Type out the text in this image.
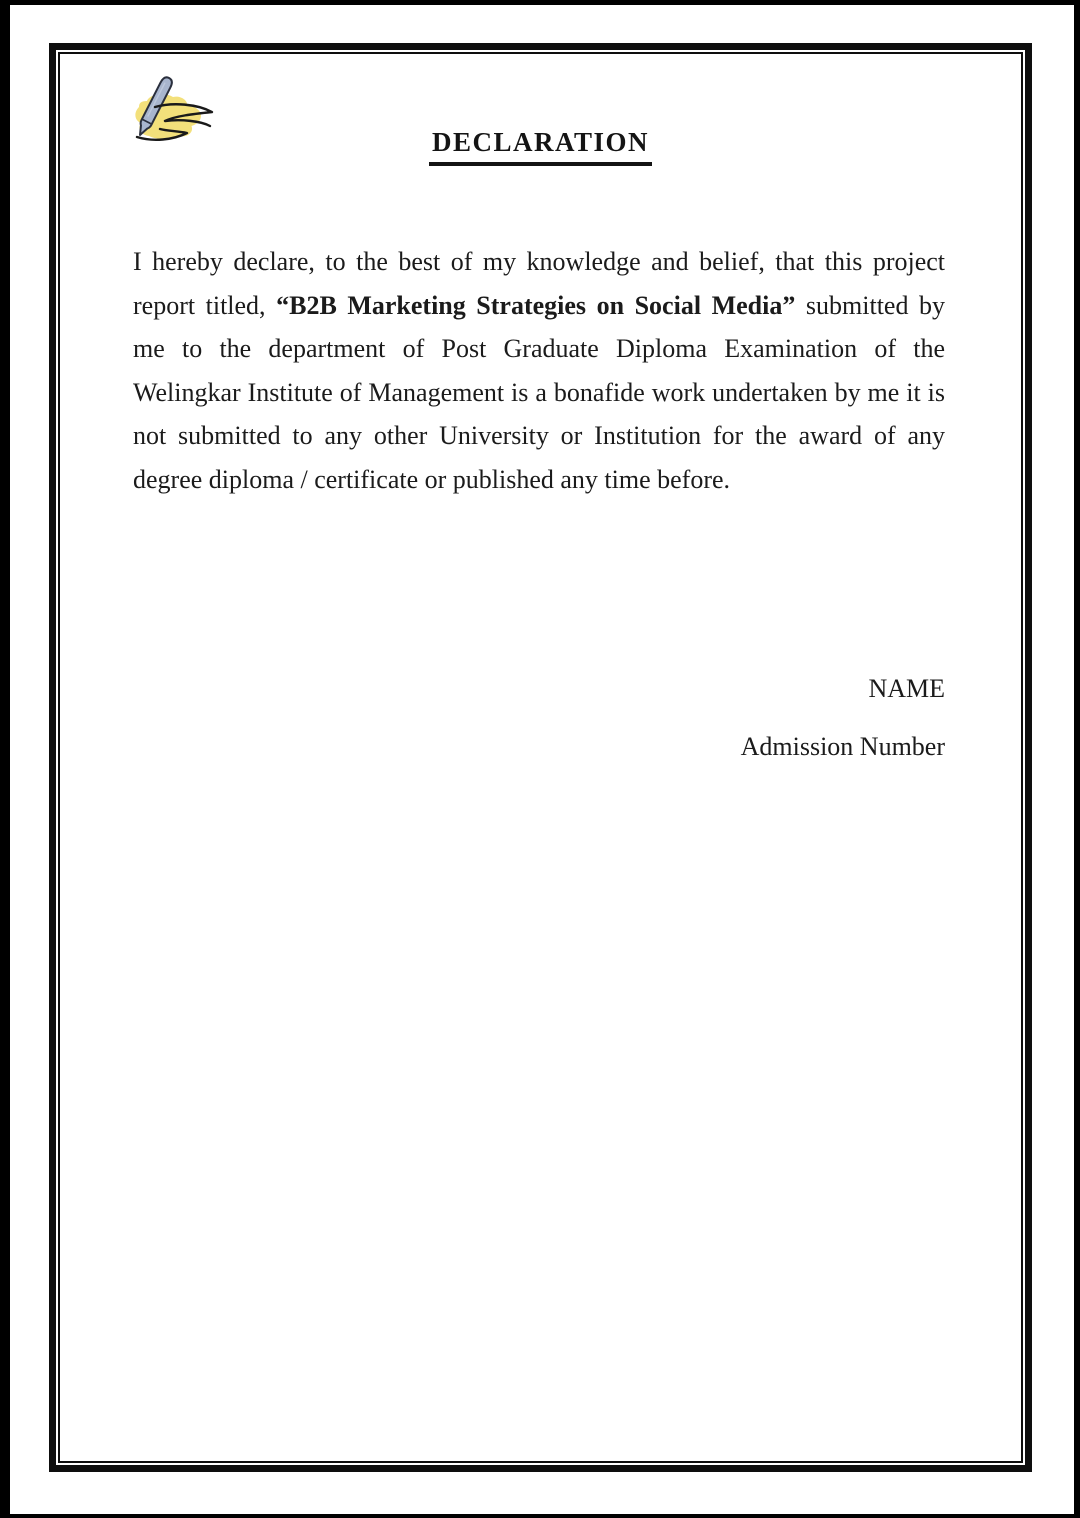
DECLARATION

I hereby declare, to the best of my knowledge and belief, that this project report titled, “B2B Marketing Strategies on Social Media” submitted by me to the department of Post Graduate Diploma Examination of the Welingkar Institute of Management is a bonafide work undertaken by me it is not submitted to any other University or Institution for the award of any degree diploma / certificate or published any time before.

NAME
Admission Number
